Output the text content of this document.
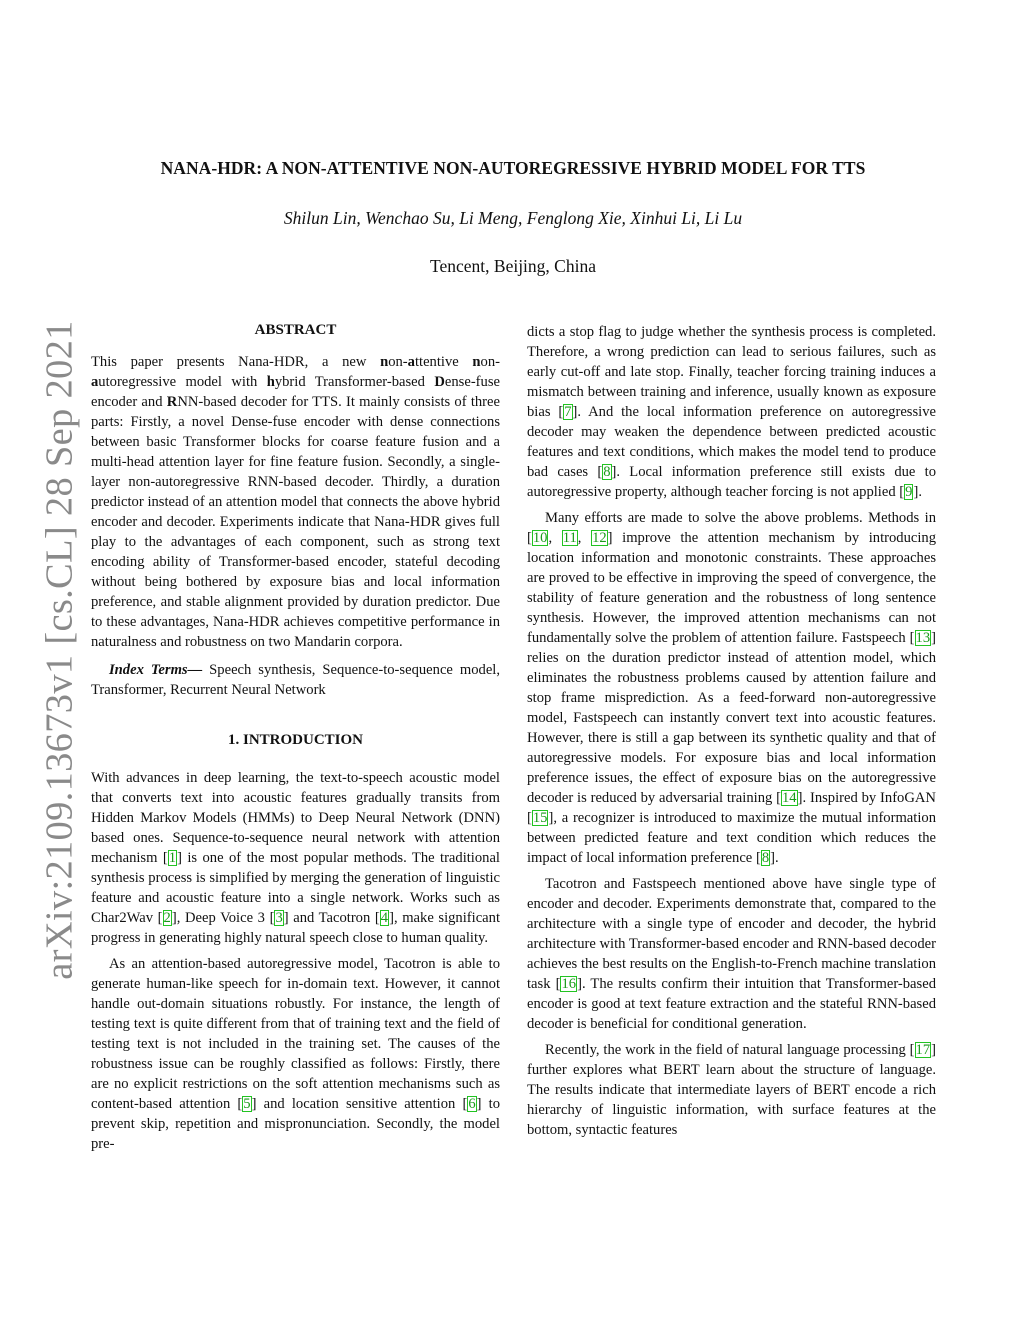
arXiv:2109.13673v1 [cs.CL] 28 Sep 2021
NANA-HDR: A NON-ATTENTIVE NON-AUTOREGRESSIVE HYBRID MODEL FOR TTS
Shilun Lin, Wenchao Su, Li Meng, Fenglong Xie, Xinhui Li, Li Lu
Tencent, Beijing, China
ABSTRACT

This paper presents Nana-HDR, a new non-attentive non-autoregressive model with hybrid Transformer-based Dense-fuse encoder and RNN-based decoder for TTS. It mainly consists of three parts: Firstly, a novel Dense-fuse encoder with dense connections between basic Transformer blocks for coarse feature fusion and a multi-head attention layer for fine feature fusion. Secondly, a single-layer non-autoregressive RNN-based decoder. Thirdly, a duration predictor instead of an attention model that connects the above hybrid encoder and decoder. Experiments indicate that Nana-HDR gives full play to the advantages of each component, such as strong text encoding ability of Transformer-based encoder, stateful decoding without being bothered by exposure bias and local information preference, and stable alignment provided by duration predictor. Due to these advantages, Nana-HDR achieves competitive performance in naturalness and robustness on two Mandarin corpora.

Index Terms— Speech synthesis, Sequence-to-sequence model, Transformer, Recurrent Neural Network

1. INTRODUCTION

With advances in deep learning, the text-to-speech acoustic model that converts text into acoustic features gradually transits from Hidden Markov Models (HMMs) to Deep Neural Network (DNN) based ones. Sequence-to-sequence neural network with attention mechanism [1] is one of the most popular methods. The traditional synthesis process is simplified by merging the generation of linguistic feature and acoustic feature into a single network. Works such as Char2Wav [2], Deep Voice 3 [3] and Tacotron [4], make significant progress in generating highly natural speech close to human quality.

As an attention-based autoregressive model, Tacotron is able to generate human-like speech for in-domain text. However, it cannot handle out-domain situations robustly. For instance, the length of testing text is quite different from that of training text and the field of testing text is not included in the training set. The causes of the robustness issue can be roughly classified as follows: Firstly, there are no explicit restrictions on the soft attention mechanisms such as content-based attention [5] and location sensitive attention [6] to prevent skip, repetition and mispronunciation. Secondly, the model pre-

dicts a stop flag to judge whether the synthesis process is completed. Therefore, a wrong prediction can lead to serious failures, such as early cut-off and late stop. Finally, teacher forcing training induces a mismatch between training and inference, usually known as exposure bias [7]. And the local information preference on autoregressive decoder may weaken the dependence between predicted acoustic features and text conditions, which makes the model tend to produce bad cases [8]. Local information preference still exists due to autoregressive property, although teacher forcing is not applied [9].

Many efforts are made to solve the above problems. Methods in [10, 11, 12] improve the attention mechanism by introducing location information and monotonic constraints. These approaches are proved to be effective in improving the speed of convergence, the stability of feature generation and the robustness of long sentence synthesis. However, the improved attention mechanisms can not fundamentally solve the problem of attention failure. Fastspeech [13] relies on the duration predictor instead of attention model, which eliminates the robustness problems caused by attention failure and stop frame misprediction. As a feed-forward non-autoregressive model, Fastspeech can instantly convert text into acoustic features. However, there is still a gap between its synthetic quality and that of autoregressive models. For exposure bias and local information preference issues, the effect of exposure bias on the autoregressive decoder is reduced by adversarial training [14]. Inspired by InfoGAN [15], a recognizer is introduced to maximize the mutual information between predicted feature and text condition which reduces the impact of local information preference [8].

Tacotron and Fastspeech mentioned above have single type of encoder and decoder. Experiments demonstrate that, compared to the architecture with a single type of encoder and decoder, the hybrid architecture with Transformer-based encoder and RNN-based decoder achieves the best results on the English-to-French machine translation task [16]. The results confirm their intuition that Transformer-based encoder is good at text feature extraction and the stateful RNN-based decoder is beneficial for conditional generation.

Recently, the work in the field of natural language processing [17] further explores what BERT learn about the structure of language. The results indicate that intermediate layers of BERT encode a rich hierarchy of linguistic information, with surface features at the bottom, syntactic features
